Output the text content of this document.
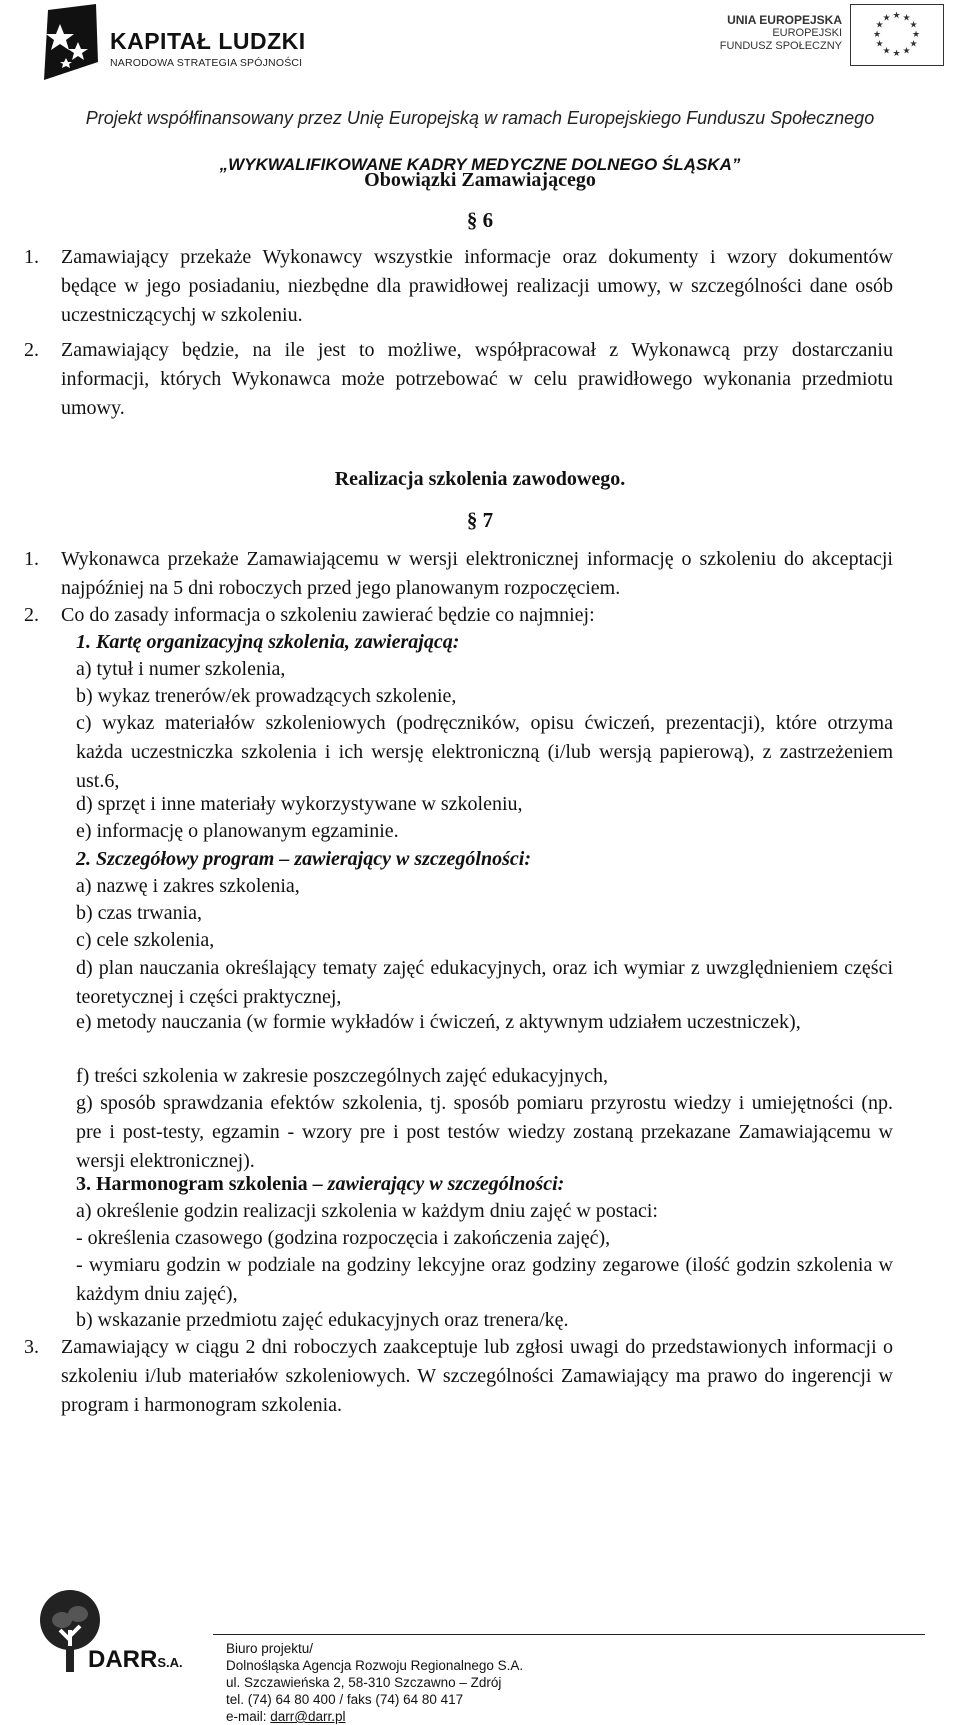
KAPITAŁ LUDZKI
NARODOWA STRATEGIA SPÓJNOŚCI
UNIA EUROPEJSKA
EUROPEJSKI
FUNDUSZ SPOŁECZNY
★ ★
★
★
★
★
★
★
★
★
★
★
Projekt współfinansowany przez Unię Europejską w ramach Europejskiego Funduszu Społecznego
„WYKWALIFIKOWANE KADRY MEDYCZNE DOLNEGO ŚLĄSKA”
Obowiązki Zamawiającego
§ 6
1. Zamawiający przekaże Wykonawcy wszystkie informacje oraz dokumenty i wzory dokumentów będące w jego posiadaniu, niezbędne dla prawidłowej realizacji umowy, w szczególności dane osób uczestniczącychj w szkoleniu.

2. Zamawiający będzie, na ile jest to możliwe, współpracował z Wykonawcą przy dostarczaniu informacji, których Wykonawca może potrzebować w celu prawidłowego wykonania przedmiotu umowy.

Realizacja szkolenia zawodowego.
§ 7
1. Wykonawca przekaże Zamawiającemu w wersji elektronicznej informację o szkoleniu do akceptacji najpóźniej na 5 dni roboczych przed jego planowanym rozpoczęciem.

2. Co do zasady informacja o szkoleniu zawierać będzie co najmniej:

1. Kartę organizacyjną szkolenia, zawierającą:

a) tytuł i numer szkolenia,

b) wykaz trenerów/ek prowadzących szkolenie,

c) wykaz materiałów szkoleniowych (podręczników, opisu ćwiczeń, prezentacji), które otrzyma każda uczestniczka szkolenia i ich wersję elektroniczną (i/lub wersją papierową), z zastrzeżeniem ust.6,

d) sprzęt i inne materiały wykorzystywane w szkoleniu,

e) informację o planowanym egzaminie.

2. Szczegółowy program – zawierający w szczególności:

a) nazwę i zakres szkolenia,

b) czas trwania,

c) cele szkolenia,

d) plan nauczania określający tematy zajęć edukacyjnych, oraz ich wymiar z uwzględnieniem części teoretycznej i części praktycznej,

e) metody nauczania (w formie wykładów i ćwiczeń, z aktywnym udziałem uczestniczek),

f) treści szkolenia w zakresie poszczególnych zajęć edukacyjnych,

g) sposób sprawdzania efektów szkolenia, tj. sposób pomiaru przyrostu wiedzy i umiejętności (np. pre i post-testy, egzamin - wzory pre i post testów wiedzy zostaną przekazane Zamawiającemu w wersji elektronicznej).

3. Harmonogram szkolenia – zawierający w szczególności:

a) określenie godzin realizacji szkolenia w każdym dniu zajęć w postaci:

- określenia czasowego (godzina rozpoczęcia i zakończenia zajęć),

- wymiaru godzin w podziale na godziny lekcyjne oraz godziny zegarowe (ilość godzin szkolenia w każdym dniu zajęć),

b) wskazanie przedmiotu zajęć edukacyjnych oraz trenera/kę.

3. Zamawiający w ciągu 2 dni roboczych zaakceptuje lub zgłosi uwagi do przedstawionych informacji o szkoleniu i/lub materiałów szkoleniowych. W szczególności Zamawiający ma prawo do ingerencji w program i harmonogram szkolenia.

DARRS.A.
Biuro projektu/
Dolnośląska Agencja Rozwoju Regionalnego S.A.
ul. Szczawieńska 2, 58-310 Szczawno – Zdrój
tel. (74) 64 80 400 / faks (74) 64 80 417
e-mail: darr@darr.pl
